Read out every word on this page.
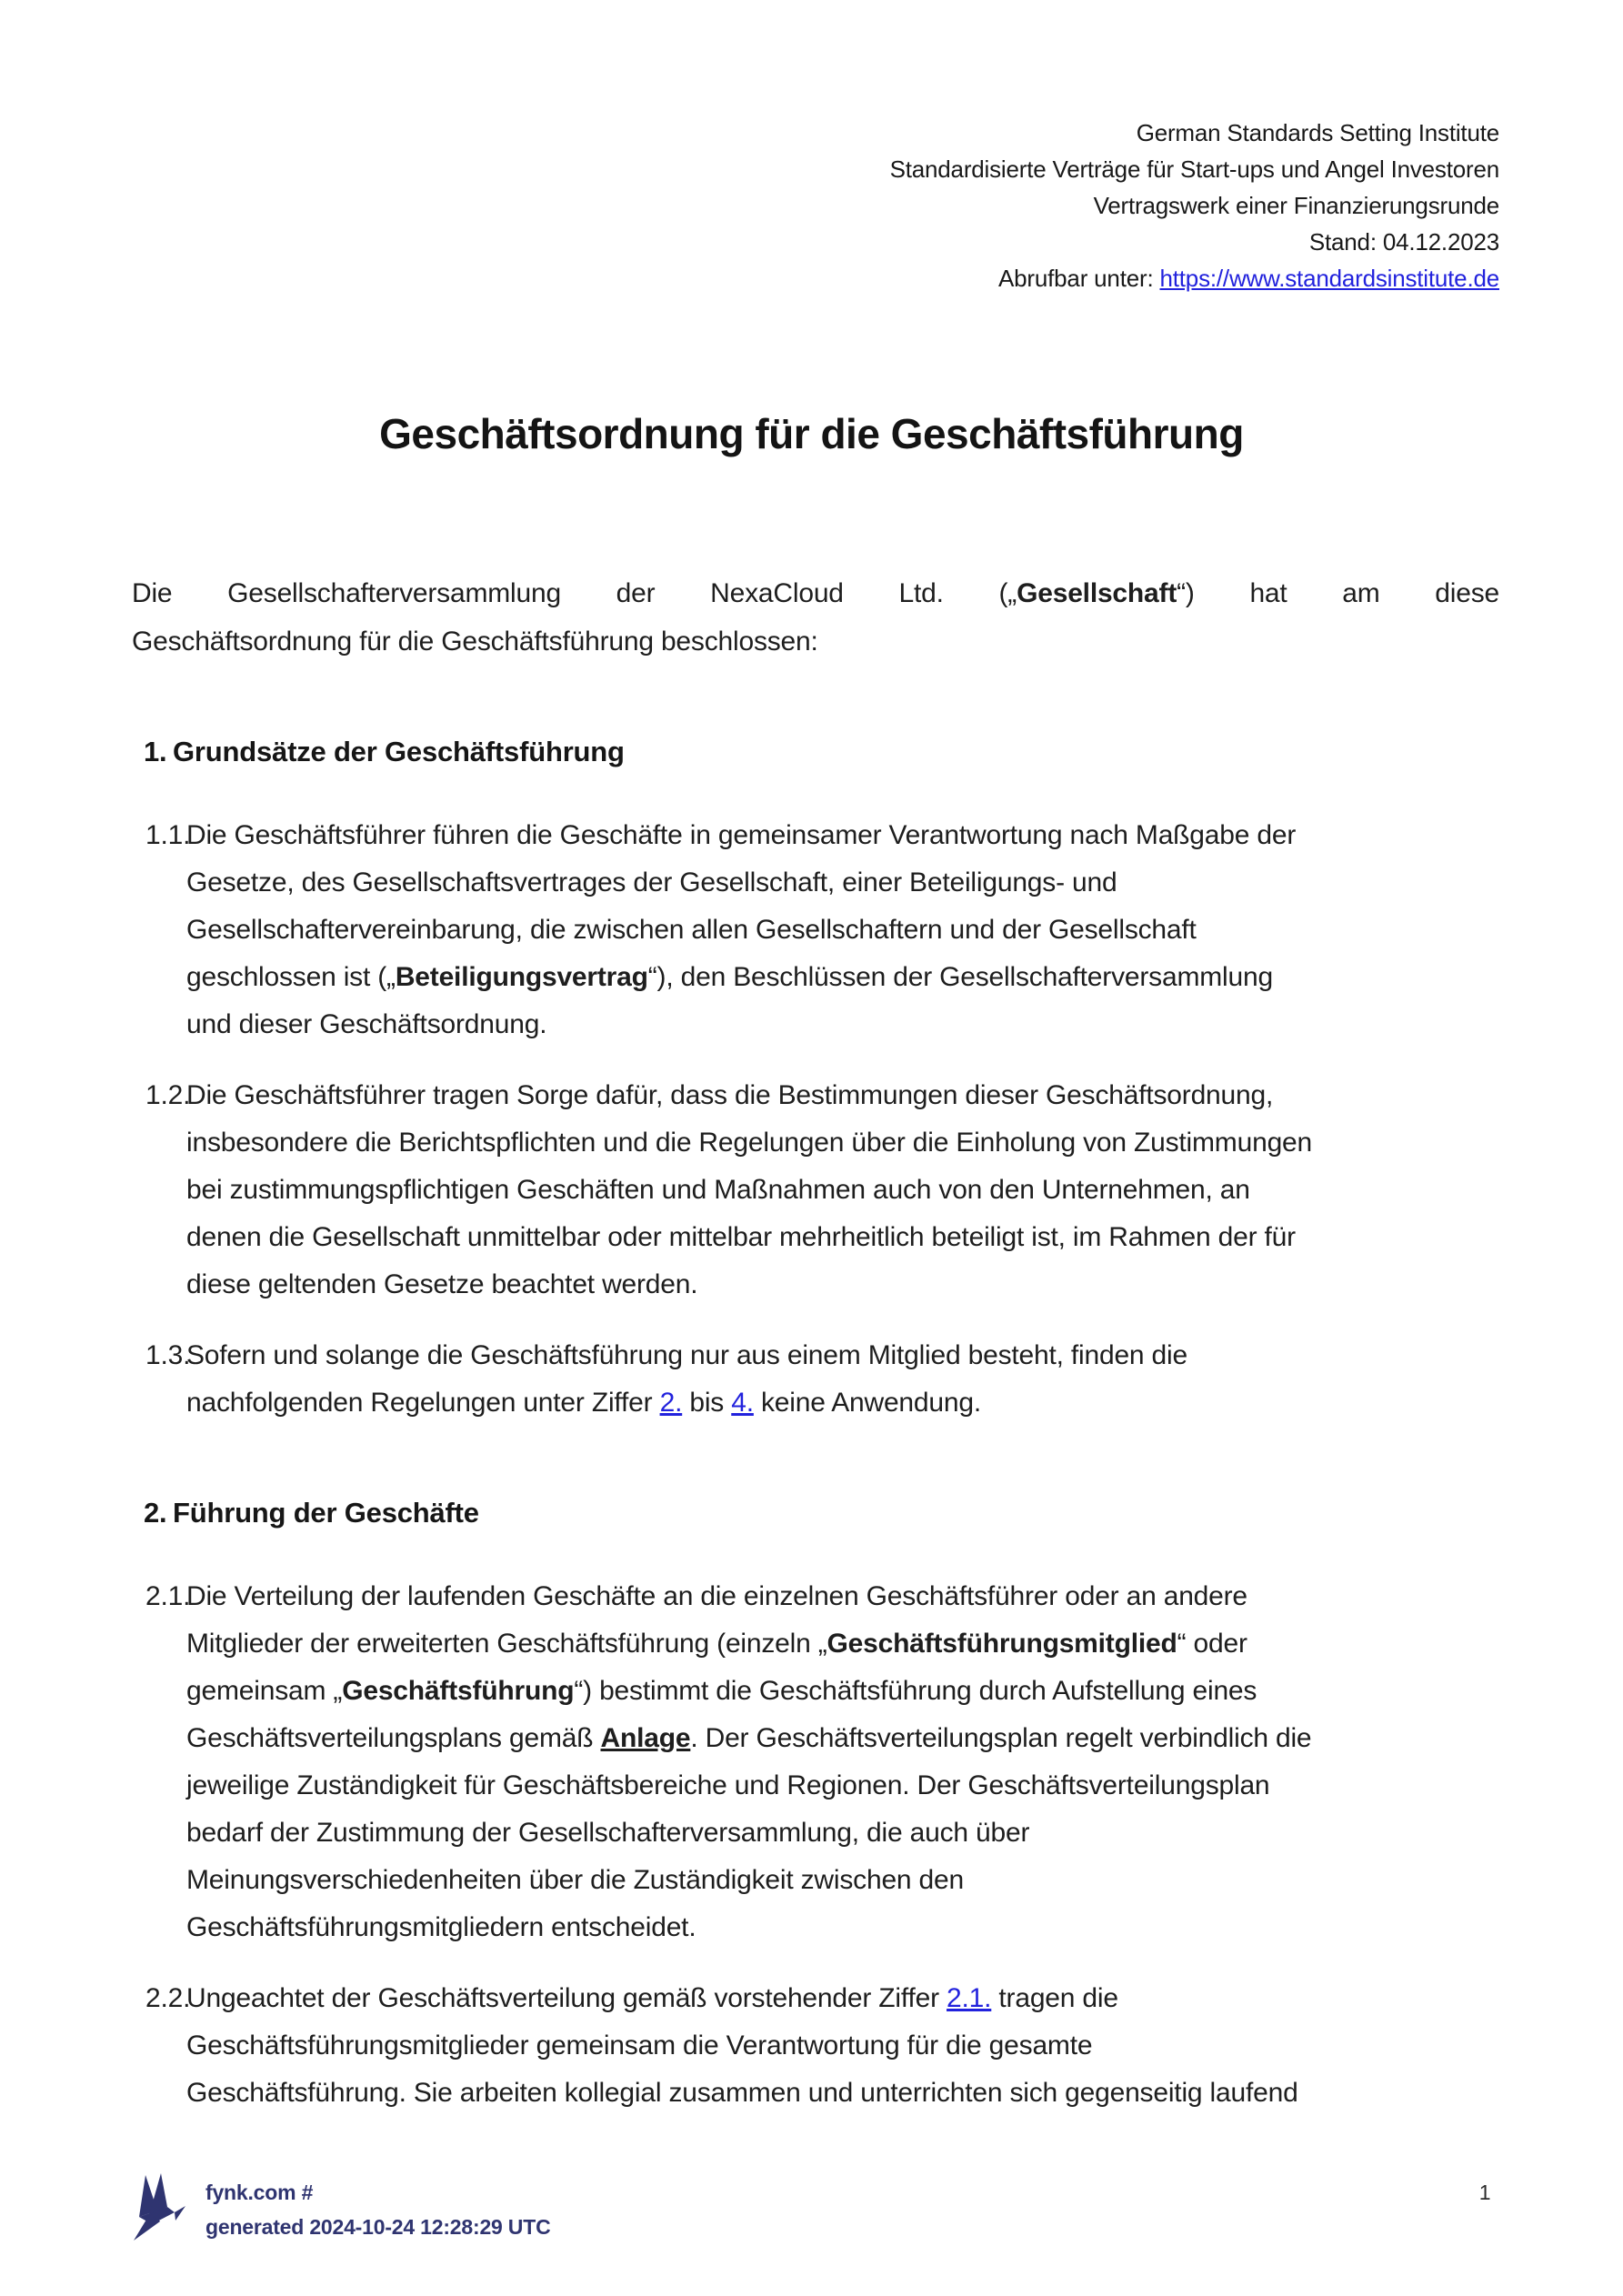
German Standards Setting Institute
Standardisierte Verträge für Start-ups und Angel Investoren
Vertragswerk einer Finanzierungsrunde
Stand: 04.12.2023
Abrufbar unter: https://www.standardsinstitute.de
Geschäftsordnung für die Geschäftsführung
Die Gesellschafterversammlung der NexaCloud Ltd. („Gesellschaft“) hat am diese
Geschäftsordnung für die Geschäftsführung beschlossen:
1. Grundsätze der Geschäftsführung
1.1.
Die Geschäftsführer führen die Geschäfte in gemeinsamer Verantwortung nach Maßgabe der
Gesetze, des Gesellschaftsvertrages der Gesellschaft, einer Beteiligungs- und
Gesellschaftervereinbarung, die zwischen allen Gesellschaftern und der Gesellschaft
geschlossen ist („Beteiligungsvertrag“), den Beschlüssen der Gesellschafterversammlung
und dieser Geschäftsordnung.
1.2.
Die Geschäftsführer tragen Sorge dafür, dass die Bestimmungen dieser Geschäftsordnung,
insbesondere die Berichtspflichten und die Regelungen über die Einholung von Zustimmungen
bei zustimmungspflichtigen Geschäften und Maßnahmen auch von den Unternehmen, an
denen die Gesellschaft unmittelbar oder mittelbar mehrheitlich beteiligt ist, im Rahmen der für
diese geltenden Gesetze beachtet werden.
1.3.
Sofern und solange die Geschäftsführung nur aus einem Mitglied besteht, finden die
nachfolgenden Regelungen unter Ziffer 2. bis 4. keine Anwendung.
2. Führung der Geschäfte
2.1.
Die Verteilung der laufenden Geschäfte an die einzelnen Geschäftsführer oder an andere
Mitglieder der erweiterten Geschäftsführung (einzeln „Geschäftsführungsmitglied“ oder
gemeinsam „Geschäftsführung“) bestimmt die Geschäftsführung durch Aufstellung eines
Geschäftsverteilungsplans gemäß Anlage. Der Geschäftsverteilungsplan regelt verbindlich die
jeweilige Zuständigkeit für Geschäftsbereiche und Regionen. Der Geschäftsverteilungsplan
bedarf der Zustimmung der Gesellschafterversammlung, die auch über
Meinungsverschiedenheiten über die Zuständigkeit zwischen den
Geschäftsführungsmitgliedern entscheidet.
2.2.
Ungeachtet der Geschäftsverteilung gemäß vorstehender Ziffer 2.1. tragen die
Geschäftsführungsmitglieder gemeinsam die Verantwortung für die gesamte
Geschäftsführung. Sie arbeiten kollegial zusammen und unterrichten sich gegenseitig laufend
fynk.com #
generated 2024-10-24 12:28:29 UTC
1
